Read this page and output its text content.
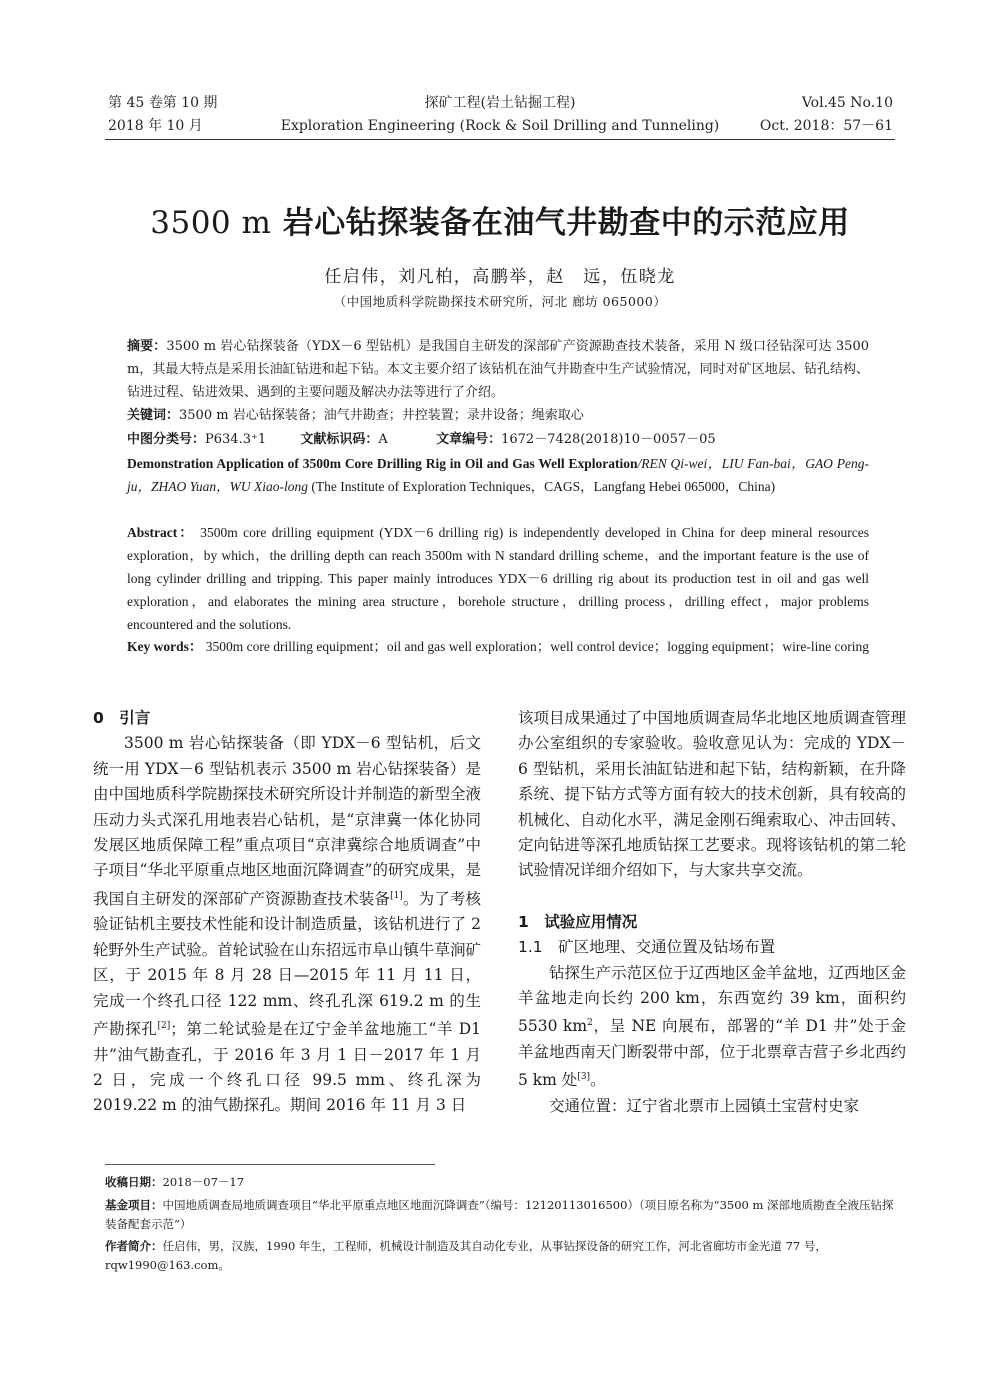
第 45 卷第 10 期
2018 年 10 月
探矿工程(岩土钻掘工程)
Exploration Engineering (Rock & Soil Drilling and Tunneling)
Vol.45 No.10
Oct. 2018：57－61
3500 m 岩心钻探装备在油气井勘查中的示范应用
任启伟，刘凡柏，高鹏举，赵　远，伍晓龙
（中国地质科学院勘探技术研究所，河北 廊坊 065000）
摘要：3500 m 岩心钻探装备（YDX－6 型钻机）是我国自主研发的深部矿产资源勘查技术装备，采用 N 级口径钻深可达 3500 m，其最大特点是采用长油缸钻进和起下钻。本文主要介绍了该钻机在油气井勘查中生产试验情况，同时对矿区地层、钻孔结构、钻进过程、钻进效果、遇到的主要问题及解决办法等进行了介绍。
关键词：3500 m 岩心钻探装备；油气井勘查；井控装置；录井设备；绳索取心
中图分类号：P634.3⁺1	文献标识码：A	文章编号：1672－7428(2018)10－0057－05
Demonstration Application of 3500m Core Drilling Rig in Oil and Gas Well Exploration/REN Qi-wei，LIU Fan-bai，GAO Peng-ju，ZHAO Yuan，WU Xiao-long (The Institute of Exploration Techniques，CAGS，Langfang Hebei 065000，China)
Abstract： 3500m core drilling equipment (YDX－6 drilling rig) is independently developed in China for deep mineral resources exploration，by which，the drilling depth can reach 3500m with N standard drilling scheme，and the important feature is the use of long cylinder drilling and tripping. This paper mainly introduces YDX－6 drilling rig about its production test in oil and gas well exploration，and elaborates the mining area structure，borehole structure，drilling process，drilling effect，major problems encountered and the solutions.
Key words： 3500m core drilling equipment；oil and gas well exploration；well control device；logging equipment；wire-line coring

0　引言

3500 m 岩心钻探装备（即 YDX－6 型钻机，后文统一用 YDX－6 型钻机表示 3500 m 岩心钻探装备）是由中国地质科学院勘探技术研究所设计并制造的新型全液压动力头式深孔用地表岩心钻机，是“京津冀一体化协同发展区地质保障工程”重点项目“京津冀综合地质调查”中子项目“华北平原重点地区地面沉降调查”的研究成果，是我国自主研发的深部矿产资源勘查技术装备[1]。为了考核验证钻机主要技术性能和设计制造质量，该钻机进行了 2 轮野外生产试验。首轮试验在山东招远市阜山镇牛草涧矿区，于 2015 年 8 月 28 日—2015 年 11 月 11 日，完成一个终孔口径 122 mm、终孔孔深 619.2 m 的生产勘探孔[2]；第二轮试验是在辽宁金羊盆地施工“羊 D1 井”油气勘查孔，于 2016 年 3 月 1 日－2017 年 1 月 2 日，完成一个终孔口径 99.5 mm、终孔深为 2019.22 m 的油气勘探孔。期间 2016 年 11 月 3 日

该项目成果通过了中国地质调查局华北地区地质调查管理办公室组织的专家验收。验收意见认为：完成的 YDX－6 型钻机，采用长油缸钻进和起下钻，结构新颖，在升降系统、提下钻方式等方面有较大的技术创新，具有较高的机械化、自动化水平，满足金刚石绳索取心、冲击回转、定向钻进等深孔地质钻探工艺要求。现将该钻机的第二轮试验情况详细介绍如下，与大家共享交流。

1　试验应用情况

1.1　矿区地理、交通位置及钻场布置

钻探生产示范区位于辽西地区金羊盆地，辽西地区金羊盆地走向长约 200 km，东西宽约 39 km，面积约 5530 $km^2$，呈 NE 向展布，部署的“羊 D1 井”处于金羊盆地西南天门断裂带中部，位于北票章吉营子乡北西约 5 km 处[3]。

交通位置：辽宁省北票市上园镇土宝营村史家

收稿日期：2018－07－17
基金项目：中国地质调查局地质调查项目“华北平原重点地区地面沉降调查”（编号：12120113016500）（项目原名称为“3500 m 深部地质勘查全液压钻探装备配套示范”）
作者简介：任启伟，男，汉族，1990 年生，工程师，机械设计制造及其自动化专业，从事钻探设备的研究工作，河北省廊坊市金光道 77 号，rqw1990@163.com。
